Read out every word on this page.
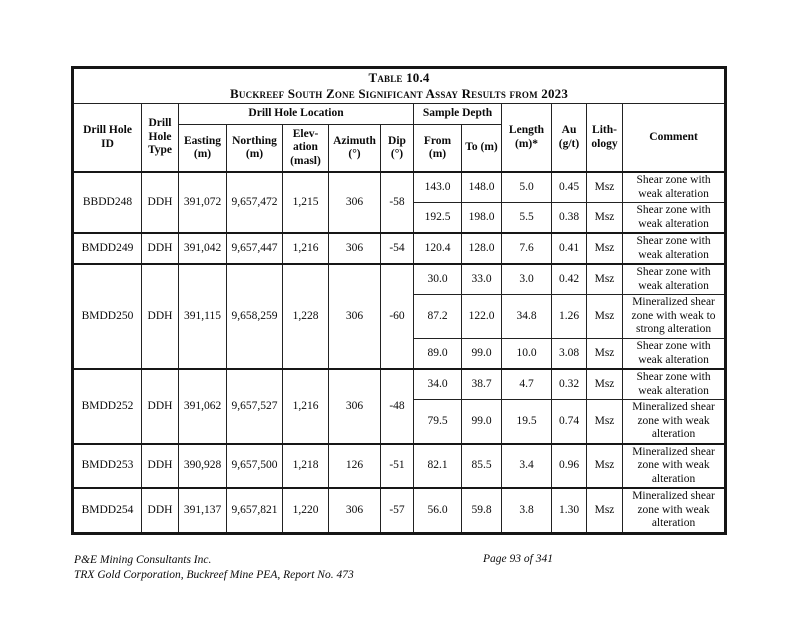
Table 10.4
Buckreef South Zone Significant Assay Results from 2023												

Drill Hole ID	Drill Hole Type	Drill Hole Location					Sample Depth		Length (m)*	Au (g/t)	Lith-ology	Comment
		Easting (m)	Northing (m)	Elev-ation (masl)	Azimuth (°)	Dip (°)	From (m)	To (m)				
BBDD248	DDH	391,072	9,657,472	1,215	306	-58	143.0	148.0	5.0	0.45	Msz	Shear zone with weak alteration
							192.5	198.0	5.5	0.38	Msz	Shear zone with weak alteration
BMDD249	DDH	391,042	9,657,447	1,216	306	-54	120.4	128.0	7.6	0.41	Msz	Shear zone with weak alteration
BMDD250	DDH	391,115	9,658,259	1,228	306	-60	30.0	33.0	3.0	0.42	Msz	Shear zone with weak alteration
							87.2	122.0	34.8	1.26	Msz	Mineralized shear zone with weak to strong alteration
							89.0	99.0	10.0	3.08	Msz	Shear zone with weak alteration
BMDD252	DDH	391,062	9,657,527	1,216	306	-48	34.0	38.7	4.7	0.32	Msz	Shear zone with weak alteration
							79.5	99.0	19.5	0.74	Msz	Mineralized shear zone with weak alteration
BMDD253	DDH	390,928	9,657,500	1,218	126	-51	82.1	85.5	3.4	0.96	Msz	Mineralized shear zone with weak alteration
BMDD254	DDH	391,137	9,657,821	1,220	306	-57	56.0	59.8	3.8	1.30	Msz	Mineralized shear zone with weak alteration
P&E Mining Consultants Inc.
TRX Gold Corporation, Buckreef Mine PEA, Report No. 473
Page 93 of 341
